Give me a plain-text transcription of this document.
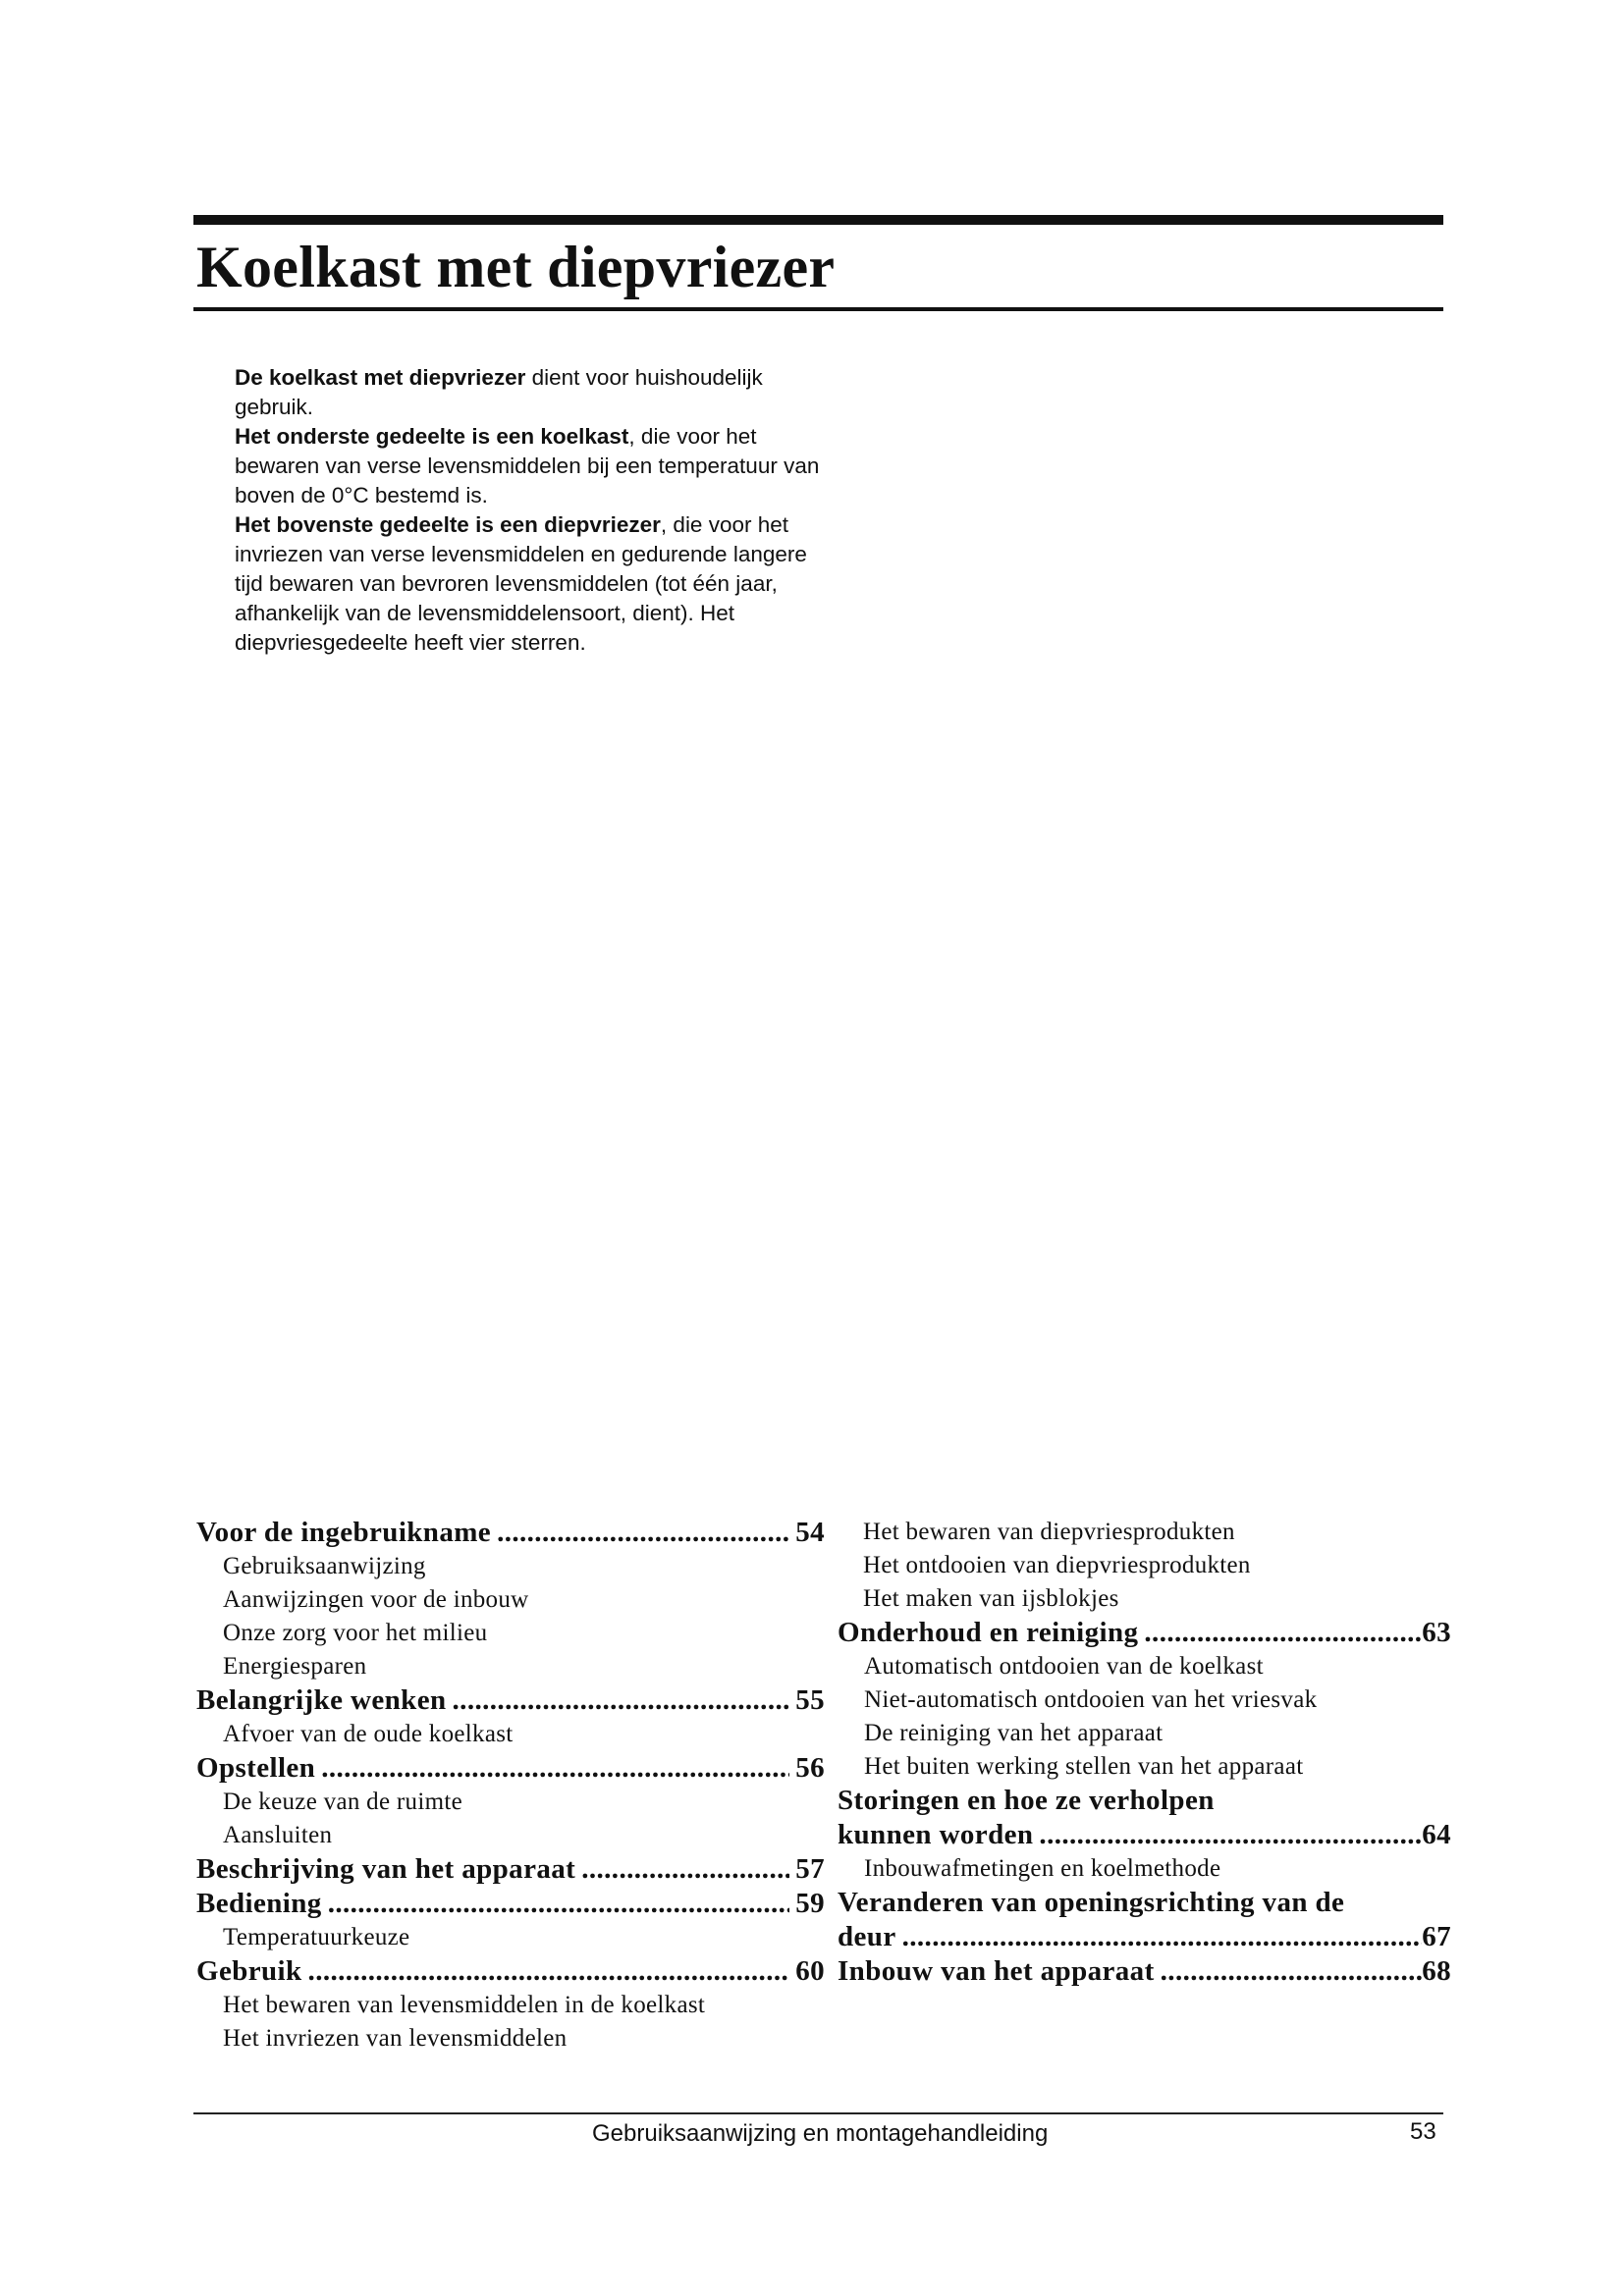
Koelkast met diepvriezer

De koelkast met diepvriezer dient voor huishoudelijk gebruik.

Het onderste gedeelte is een koelkast, die voor het bewaren van verse levensmiddelen bij een temperatuur van boven de 0°C bestemd is.

Het bovenste gedeelte is een diepvriezer, die voor het invriezen van verse levensmiddelen en gedurende langere tijd bewaren van bevroren levensmiddelen (tot één jaar, afhankelijk van de levensmiddelensoort, dient). Het diepvriesgedeelte heeft vier sterren.

Voor de ingebruikname .....	54
Gebruiksaanwijzing
Aanwijzingen voor de inbouw
Onze zorg voor het milieu
Energiesparen
Belangrijke wenken .....	55
Afvoer van de oude koelkast
Opstellen .....	56
De keuze van de ruimte
Aansluiten
Beschrijving van het apparaat .....	57
Bediening .....	59
Temperatuurkeuze
Gebruik .....	60
Het bewaren van levensmiddelen in de koelkast
Het invriezen van levensmiddelen
Het bewaren van diepvriesprodukten
Het ontdooien van diepvriesprodukten
Het maken van ijsblokjes
Onderhoud en reiniging .....	63
Automatisch ontdooien van de koelkast
Niet-automatisch ontdooien van het vriesvak
De reiniging van het apparaat
Het buiten werking stellen van het apparaat
Storingen en hoe ze verholpen
kunnen worden .....	64
Inbouwafmetingen en koelmethode
Veranderen van openingsrichting van de
deur .....	67
Inbouw van het apparaat .....	68
Gebruiksaanwijzing en montagehandleiding	53
